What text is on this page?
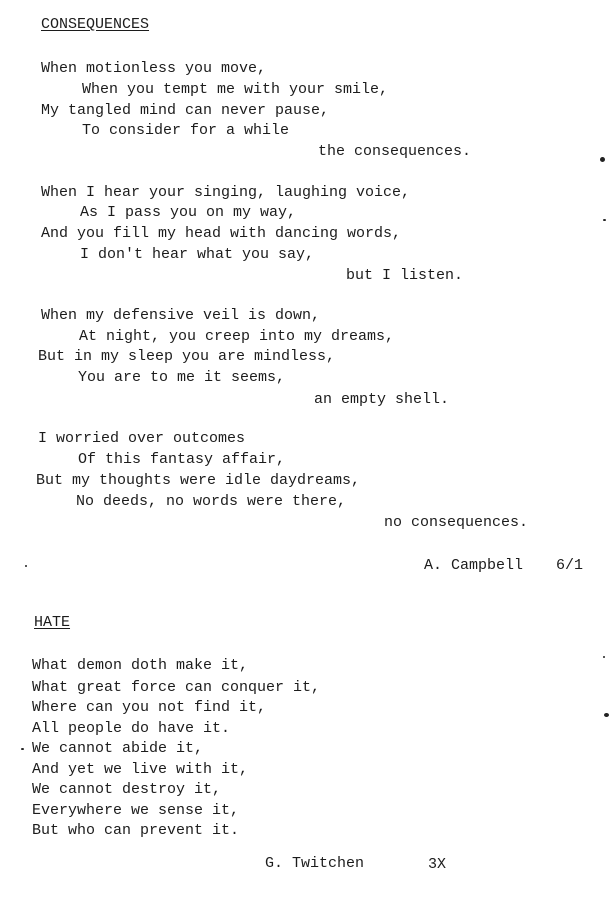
CONSEQUENCES
When motionless you move,
When you tempt me with your smile,
My tangled mind can never pause,
To consider for a while
the consequences.
When I hear your singing, laughing voice,
As I pass you on my way,
And you fill my head with dancing words,
I don't hear what you say,
but I listen.
When my defensive veil is down,
At night, you creep into my dreams,
But in my sleep you are mindless,
You are to me it seems,
an empty shell.
I worried over outcomes
Of this fantasy affair,
But my thoughts were idle daydreams,
No deeds, no words were there,
no consequences.
A. Campbell 6/1
HATE
What demon doth make it,
What great force can conquer it,
Where can you not find it,
All people do have it.
We cannot abide it,
And yet we live with it,
We cannot destroy it,
Everywhere we sense it,
But who can prevent it.
G. Twitchen	3X
